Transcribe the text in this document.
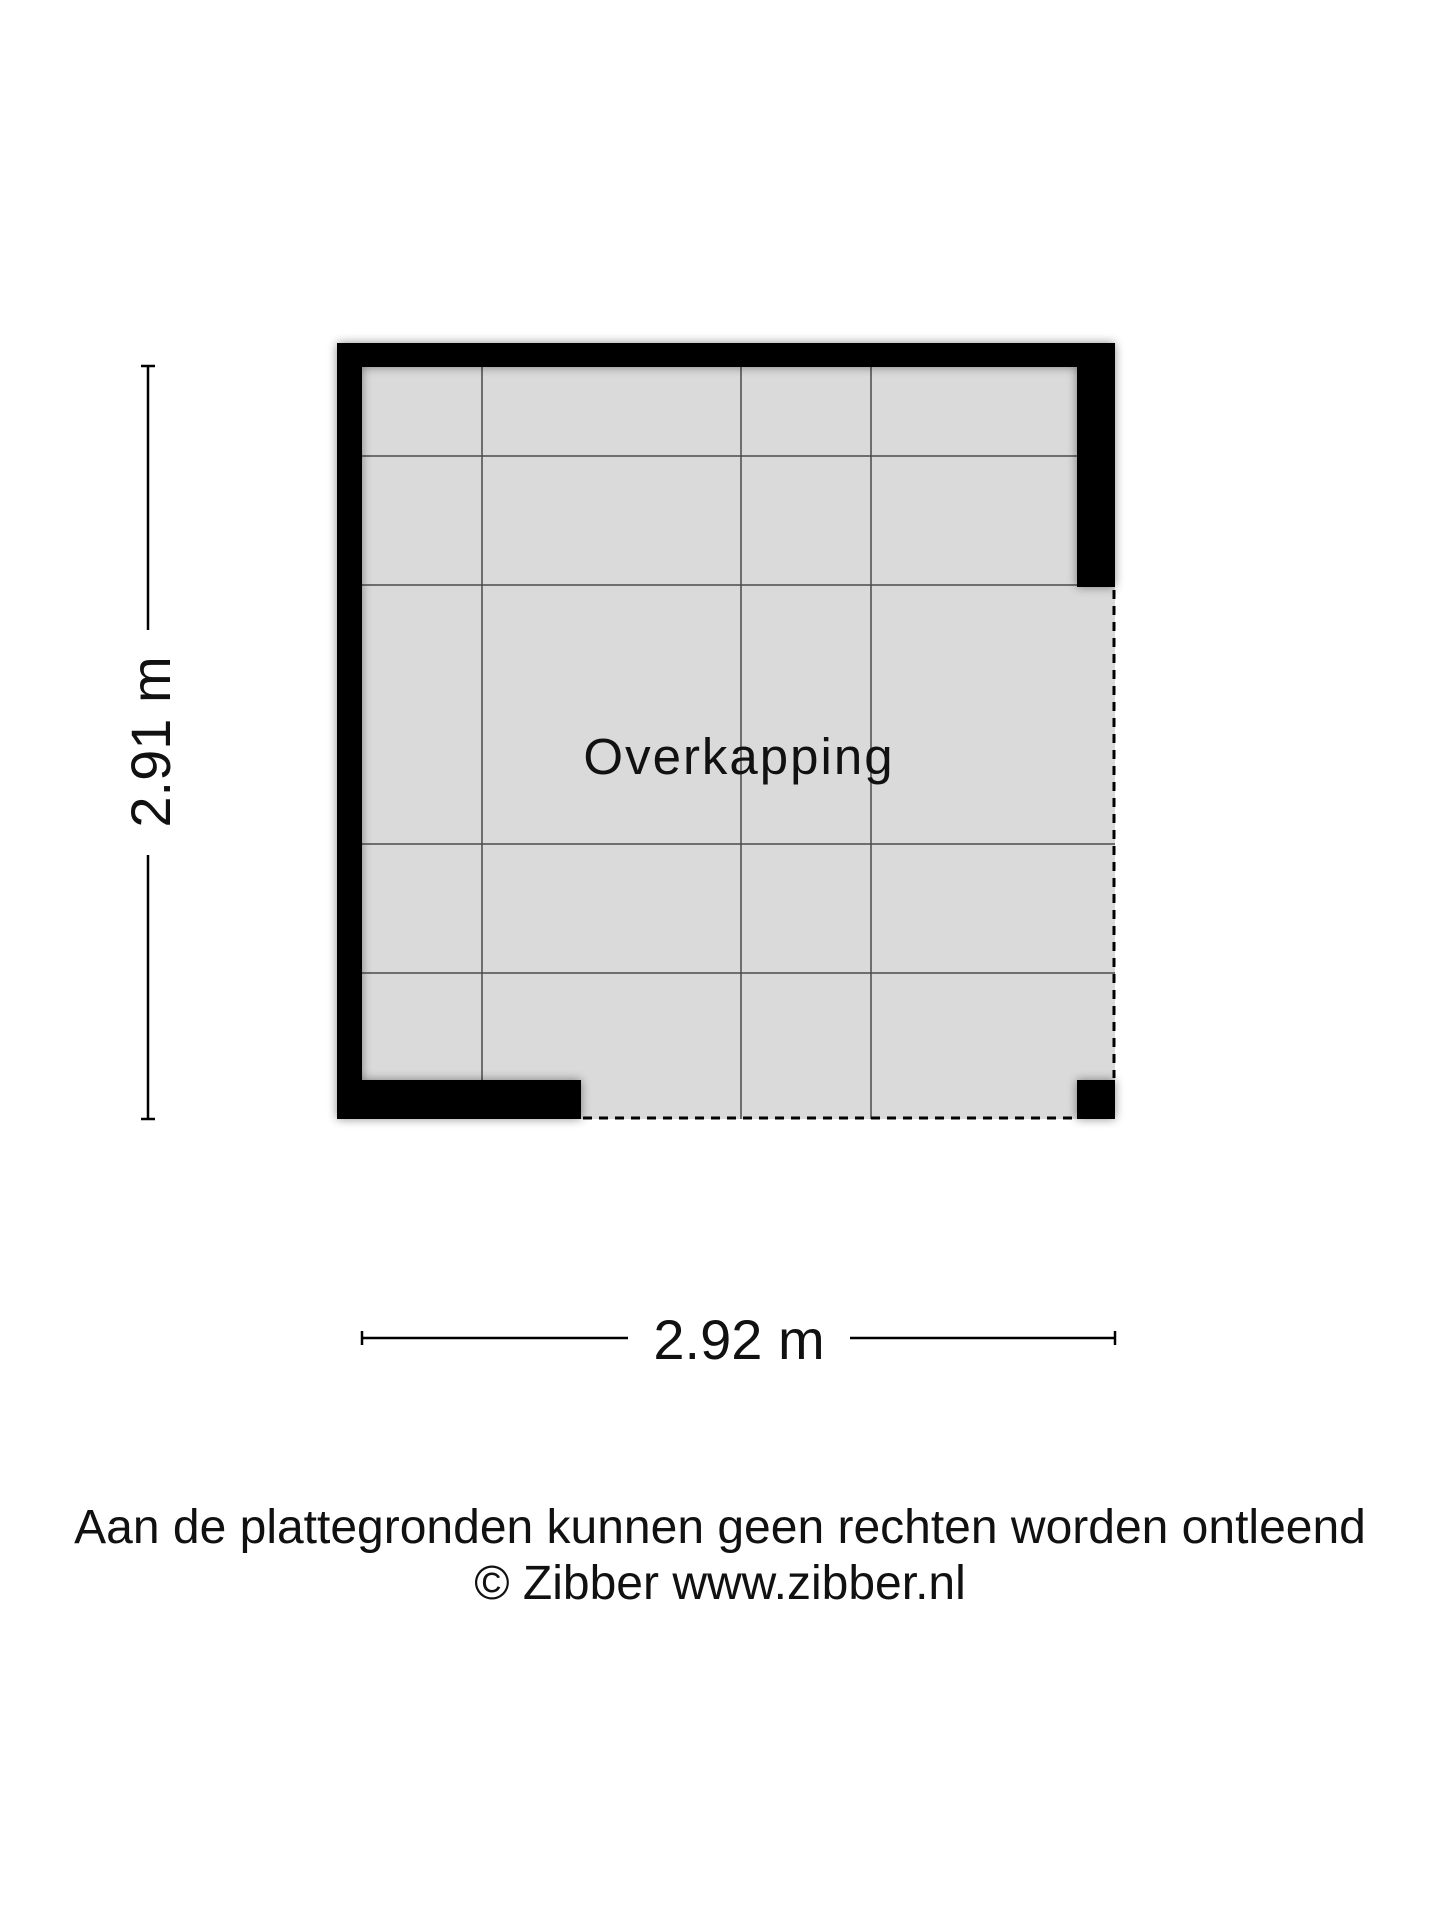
Overkapping
2.91 m
2.92 m
Aan de plattegronden kunnen geen rechten worden ontleend
© Zibber www.zibber.nl
